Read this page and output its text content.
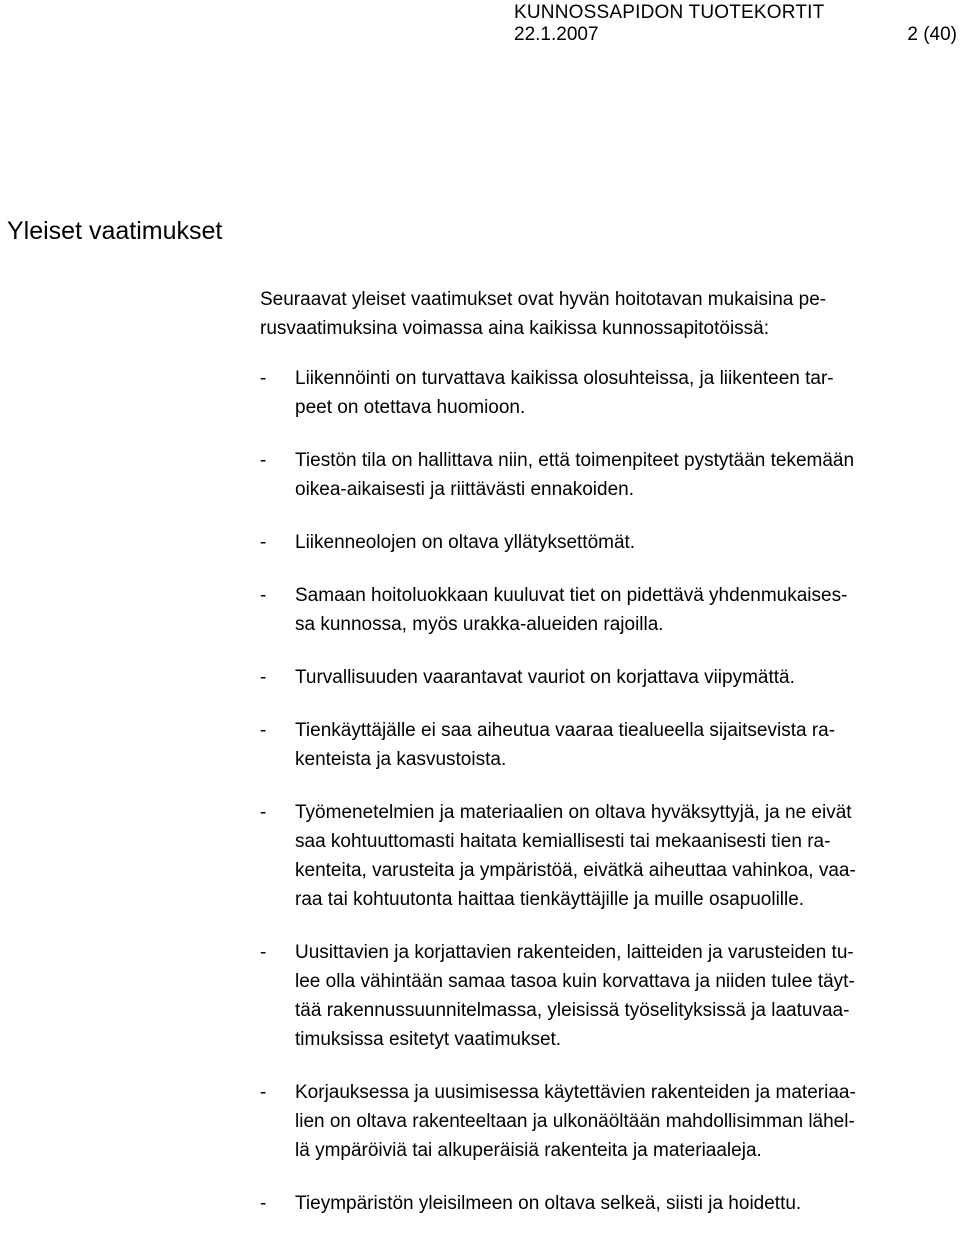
KUNNOSSAPIDON TUOTEKORTIT
22.1.2007	2 (40)
Yleiset vaatimukset
Seuraavat yleiset vaatimukset ovat hyvän hoitotavan mukaisina pe-
rusvaatimuksina voimassa aina kaikissa kunnossapitotöissä:
- Liikennöinti on turvattava kaikissa olosuhteissa, ja liikenteen tar-
peet on otettava huomioon.
- Tiestön tila on hallittava niin, että toimenpiteet pystytään tekemään
oikea-aikaisesti ja riittävästi ennakoiden.
- Liikenneolojen on oltava yllätyksettömät.
- Samaan hoitoluokkaan kuuluvat tiet on pidettävä yhdenmukaises-
sa kunnossa, myös urakka-alueiden rajoilla.
- Turvallisuuden vaarantavat vauriot on korjattava viipymättä.
- Tienkäyttäjälle ei saa aiheutua vaaraa tiealueella sijaitsevista ra-
kenteista ja kasvustoista.
- Työmenetelmien ja materiaalien on oltava hyväksyttyjä, ja ne eivät
saa kohtuuttomasti haitata kemiallisesti tai mekaanisesti tien ra-
kenteita, varusteita ja ympäristöä, eivätkä aiheuttaa vahinkoa, vaa-
raa tai kohtuutonta haittaa tienkäyttäjille ja muille osapuolille.
- Uusittavien ja korjattavien rakenteiden, laitteiden ja varusteiden tu-
lee olla vähintään samaa tasoa kuin korvattava ja niiden tulee täyt-
tää rakennussuunnitelmassa, yleisissä työselityksissä ja laatuvaa-
timuksissa esitetyt vaatimukset.
- Korjauksessa ja uusimisessa käytettävien rakenteiden ja materiaa-
lien on oltava rakenteeltaan ja ulkonäöltään mahdollisimman lähel-
lä ympäröiviä tai alkuperäisiä rakenteita ja materiaaleja.
- Tieympäristön yleisilmeen on oltava selkeä, siisti ja hoidettu.
